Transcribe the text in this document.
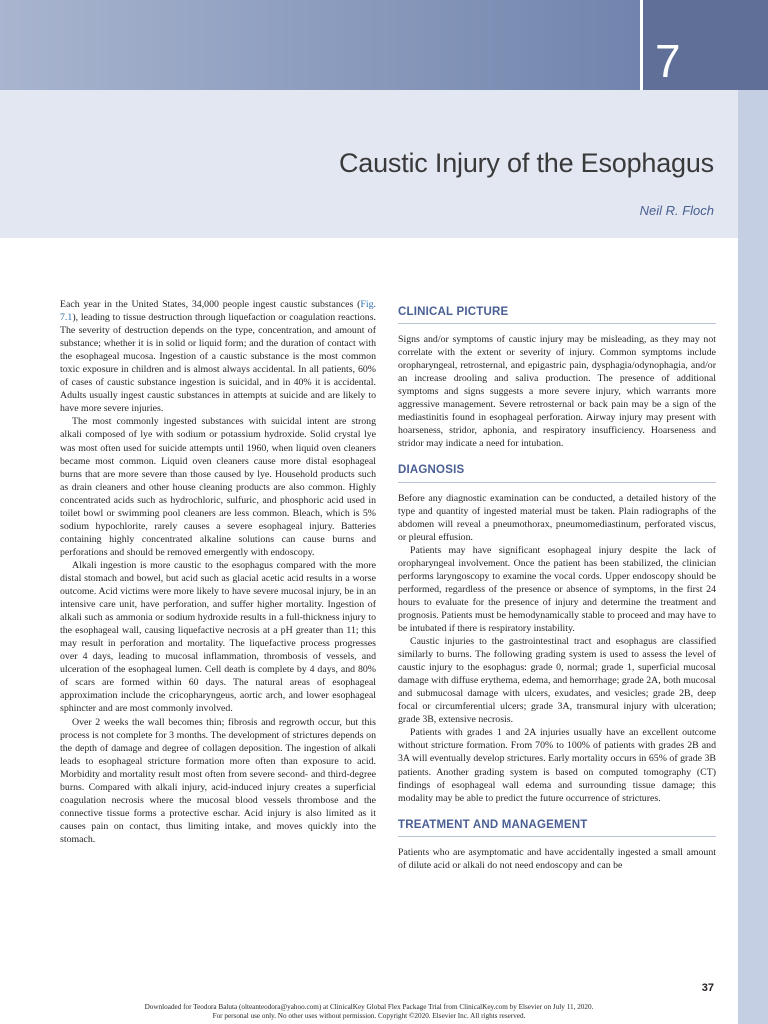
7
Caustic Injury of the Esophagus
Neil R. Floch

Each year in the United States, 34,000 people ingest caustic substances (Fig. 7.1), leading to tissue destruction through liquefaction or coagulation reactions. The severity of destruction depends on the type, concentration, and amount of substance; whether it is in solid or liquid form; and the duration of contact with the esophageal mucosa. Ingestion of a caustic substance is the most common toxic exposure in children and is almost always accidental. In all patients, 60% of cases of caustic substance ingestion is suicidal, and in 40% it is accidental. Adults usually ingest caustic substances in attempts at suicide and are likely to have more severe injuries.

The most commonly ingested substances with suicidal intent are strong alkali composed of lye with sodium or potassium hydroxide. Solid crystal lye was most often used for suicide attempts until 1960, when liquid oven cleaners became most common. Liquid oven cleaners cause more distal esophageal burns that are more severe than those caused by lye. Household products such as drain cleaners and other house cleaning products are also common. Highly concentrated acids such as hydrochloric, sulfuric, and phosphoric acid used in toilet bowl or swimming pool cleaners are less common. Bleach, which is 5% sodium hypochlorite, rarely causes a severe esophageal injury. Batteries containing highly concentrated alkaline solutions can cause burns and perforations and should be removed emergently with endoscopy.

Alkali ingestion is more caustic to the esophagus compared with the more distal stomach and bowel, but acid such as glacial acetic acid results in a worse outcome. Acid victims were more likely to have severe mucosal injury, be in an intensive care unit, have perforation, and suffer higher mortality. Ingestion of alkali such as ammonia or sodium hydroxide results in a full-thickness injury to the esophageal wall, causing liquefactive necrosis at a pH greater than 11; this may result in perforation and mortality. The liquefactive process progresses over 4 days, leading to mucosal inflammation, thrombosis of vessels, and ulceration of the esophageal lumen. Cell death is complete by 4 days, and 80% of scars are formed within 60 days. The natural areas of esophageal approximation include the cricopharyngeus, aortic arch, and lower esophageal sphincter and are most commonly involved.

Over 2 weeks the wall becomes thin; fibrosis and regrowth occur, but this process is not complete for 3 months. The development of strictures depends on the depth of damage and degree of collagen deposition. The ingestion of alkali leads to esophageal stricture formation more often than exposure to acid. Morbidity and mortality result most often from severe second- and third-degree burns. Compared with alkali injury, acid-induced injury creates a superficial coagulation necrosis where the mucosal blood vessels thrombose and the connective tissue forms a protective eschar. Acid injury is also limited as it causes pain on contact, thus limiting intake, and moves quickly into the stomach.

CLINICAL PICTURE

Signs and/or symptoms of caustic injury may be misleading, as they may not correlate with the extent or severity of injury. Common symptoms include oropharyngeal, retrosternal, and epigastric pain, dysphagia/odynophagia, and/or an increase drooling and saliva production. The presence of additional symptoms and signs suggests a more severe injury, which warrants more aggressive management. Severe retrosternal or back pain may be a sign of the mediastinitis found in esophageal perforation. Airway injury may present with hoarseness, stridor, aphonia, and respiratory insufficiency. Hoarseness and stridor may indicate a need for intubation.

DIAGNOSIS

Before any diagnostic examination can be conducted, a detailed history of the type and quantity of ingested material must be taken. Plain radiographs of the abdomen will reveal a pneumothorax, pneumomediastinum, perforated viscus, or pleural effusion.

Patients may have significant esophageal injury despite the lack of oropharyngeal involvement. Once the patient has been stabilized, the clinician performs laryngoscopy to examine the vocal cords. Upper endoscopy should be performed, regardless of the presence or absence of symptoms, in the first 24 hours to evaluate for the presence of injury and determine the treatment and prognosis. Patients must be hemodynamically stable to proceed and may have to be intubated if there is respiratory instability.

Caustic injuries to the gastrointestinal tract and esophagus are classified similarly to burns. The following grading system is used to assess the level of caustic injury to the esophagus: grade 0, normal; grade 1, superficial mucosal damage with diffuse erythema, edema, and hemorrhage; grade 2A, both mucosal and submucosal damage with ulcers, exudates, and vesicles; grade 2B, deep focal or circumferential ulcers; grade 3A, transmural injury with ulceration; grade 3B, extensive necrosis.

Patients with grades 1 and 2A injuries usually have an excellent outcome without stricture formation. From 70% to 100% of patients with grades 2B and 3A will eventually develop strictures. Early mortality occurs in 65% of grade 3B patients. Another grading system is based on computed tomography (CT) findings of esophageal wall edema and surrounding tissue damage; this modality may be able to predict the future occurrence of strictures.

TREATMENT AND MANAGEMENT

Patients who are asymptomatic and have accidentally ingested a small amount of dilute acid or alkali do not need endoscopy and can be

37
Downloaded for Teodora Baluta (olteanteodora@yahoo.com) at ClinicalKey Global Flex Package Trial from ClinicalKey.com by Elsevier on July 11, 2020.
For personal use only. No other uses without permission. Copyright ©2020. Elsevier Inc. All rights reserved.
